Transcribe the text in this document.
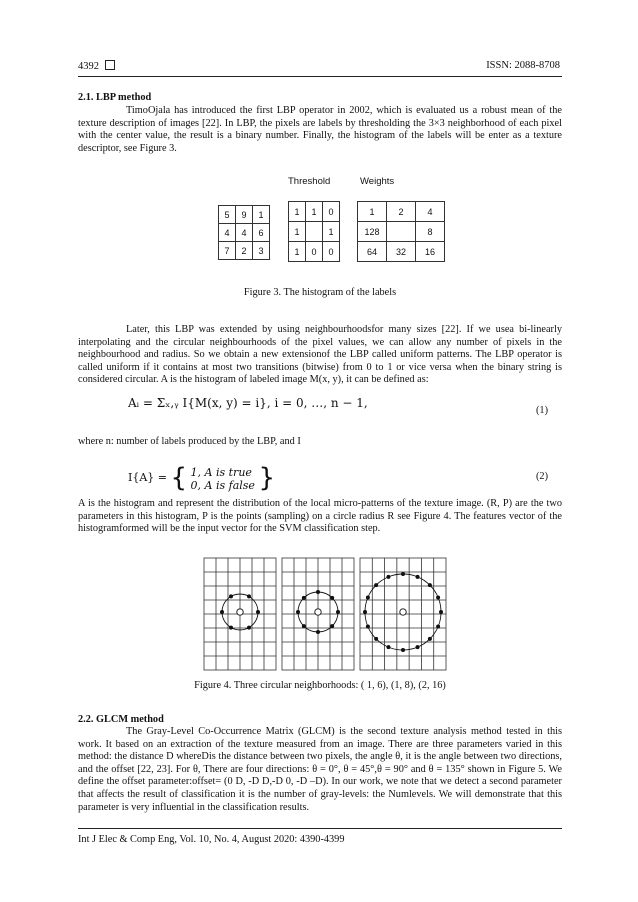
4392	ISSN: 2088-8708
2.1. LBP method

TimoOjala has introduced the first LBP operator in 2002, which is evaluated us a robust mean of the texture description of images [22]. In LBP, the pixels are labels by thresholding the 3×3 neighborhood of each pixel with the center value, the result is a binary number. Finally, the histogram of the labels will be enter as a texture descriptor, see Figure 3.

Threshold	Weights
5	9	1
4	4	6
7	2	3
1	1	0
1		1
1	0	0
1	2	4
128		8
64	32	16
Figure 3. The histogram of the labels

Later, this LBP was extended by using neighbourhoodsfor many sizes [22]. If we usea bi-linearly interpolating and the circular neighbourhoods of the pixel values, we can allow any number of pixels in the neighbourhood and radius. So we obtain a new extensionof the LBP called uniform patterns. The LBP operator is called uniform if it contains at most two transitions (bitwise) from 0 to 1 or vice versa when the binary string is considered circular. A is the histogram of labeled image M(x, y), it can be defined as:

Aᵢ = Σₓ,ᵧ I{M(x, y) = i}, i = 0, …, n − 1,
(1)

where n: number of labels produced by the LBP, and I

I{A} = { 1, A is true
0, A is false }	(2)

A is the histogram and represent the distribution of the local micro-patterns of the texture image. (R, P) are the two parameters in this histogram, P is the points (sampling) on a circle radius R see Figure 4. The features vector of the histogramformed will be the input vector for the SVM classification step.

Figure 4. Three circular neighborhoods: ( 1, 6), (1, 8), (2, 16)
2.2. GLCM method

The Gray-Level Co-Occurrence Matrix (GLCM) is the second texture analysis method tested in this work. It based on an extraction of the texture measured from an image. There are three parameters varied in this method: the distance D whereDis the distance between two pixels, the angle θ, it is the angle between two directions, and the offset [22, 23]. For θ, There are four directions: θ = 0°, θ = 45°,θ = 90° and θ = 135° shown in Figure 5. We define the offset parameter:offset= (0 D, -D D,-D 0, -D –D). In our work, we note that we detect a second parameter that affects the result of classification it is the number of gray-levels: the Numlevels. We will demonstrate that this parameter is very influential in the classification results.

Int J Elec & Comp Eng, Vol. 10, No. 4, August 2020: 4390-4399
